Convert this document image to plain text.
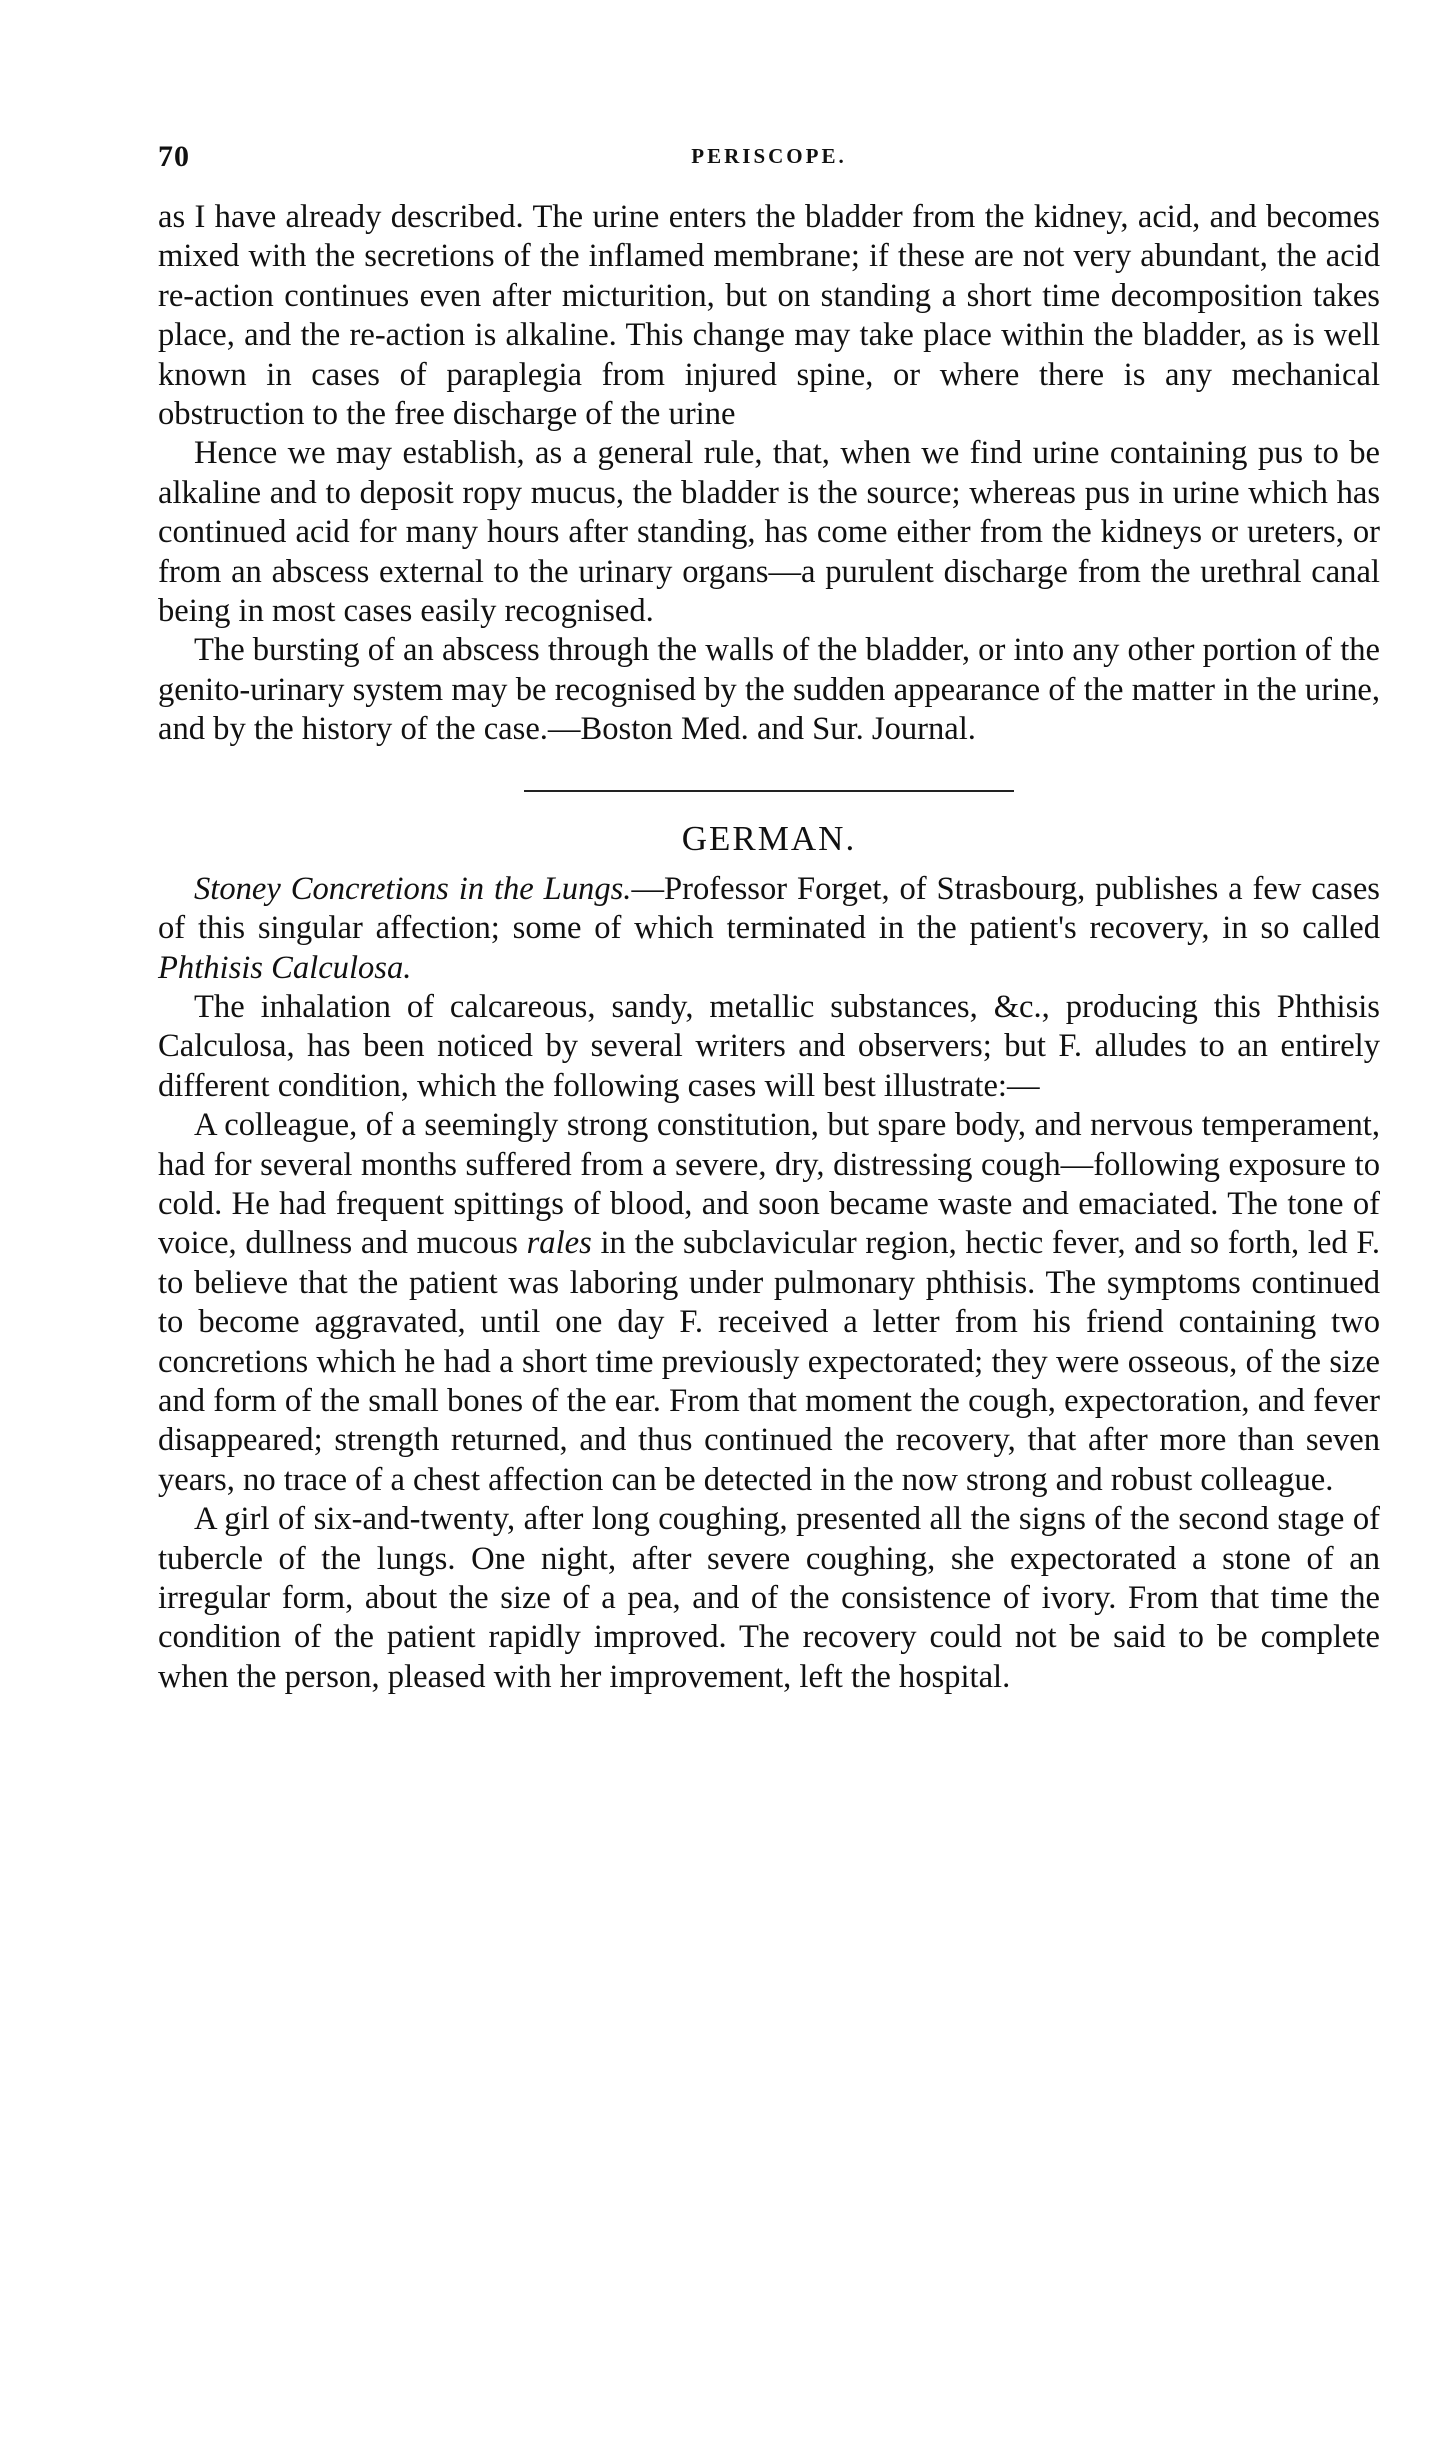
70	PERISCOPE.

as I have already described. The urine enters the bladder from the kidney, acid, and becomes mixed with the secretions of the inflamed membrane; if these are not very abundant, the acid re-action continues even after micturition, but on standing a short time decomposition takes place, and the re-action is alkaline. This change may take place within the bladder, as is well known in cases of paraplegia from injured spine, or where there is any mechanical obstruction to the free discharge of the urine

Hence we may establish, as a general rule, that, when we find urine containing pus to be alkaline and to deposit ropy mucus, the bladder is the source; whereas pus in urine which has continued acid for many hours after standing, has come either from the kidneys or ureters, or from an abscess external to the urinary organs—a purulent discharge from the urethral canal being in most cases easily recognised.

The bursting of an abscess through the walls of the bladder, or into any other portion of the genito-urinary system may be recognised by the sudden appearance of the matter in the urine, and by the history of the case.—Boston Med. and Sur. Journal.

GERMAN.

Stoney Concretions in the Lungs.—Professor Forget, of Strasbourg, publishes a few cases of this singular affection; some of which terminated in the patient's recovery, in so called Phthisis Calculosa.

The inhalation of calcareous, sandy, metallic substances, &c., producing this Phthisis Calculosa, has been noticed by several writers and observers; but F. alludes to an entirely different condition, which the following cases will best illustrate:—

A colleague, of a seemingly strong constitution, but spare body, and nervous temperament, had for several months suffered from a severe, dry, distressing cough—following exposure to cold. He had frequent spittings of blood, and soon became waste and emaciated. The tone of voice, dullness and mucous rales in the subclavicular region, hectic fever, and so forth, led F. to believe that the patient was laboring under pulmonary phthisis. The symptoms continued to become aggravated, until one day F. received a letter from his friend containing two concretions which he had a short time previously expectorated; they were osseous, of the size and form of the small bones of the ear. From that moment the cough, expectoration, and fever disappeared; strength returned, and thus continued the recovery, that after more than seven years, no trace of a chest affection can be detected in the now strong and robust colleague.

A girl of six-and-twenty, after long coughing, presented all the signs of the second stage of tubercle of the lungs. One night, after severe coughing, she expectorated a stone of an irregular form, about the size of a pea, and of the consistence of ivory. From that time the condition of the patient rapidly improved. The recovery could not be said to be complete when the person, pleased with her improvement, left the hospital.
